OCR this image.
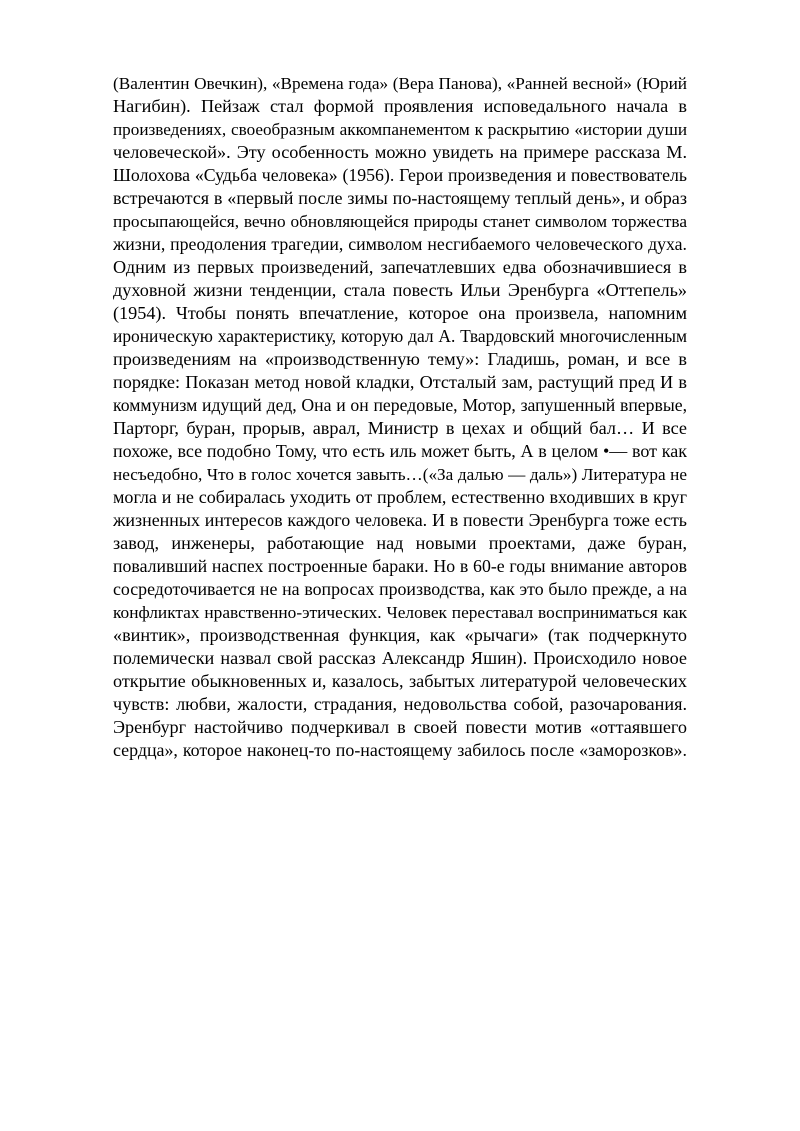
(Валентин Овечкин), «Времена года» (Вера Панова), «Ранней весной» (Юрий
Нагибин). Пейзаж стал формой проявления исповедального начала в
произведениях, своеобразным аккомпанементом к раскрытию «истории души
человеческой». Эту особенность можно увидеть на примере рассказа М.
Шолохова «Судьба человека» (1956). Герои произведения и повествователь
встречаются в «первый после зимы по-настоящему теплый день», и образ
просыпающейся, вечно обновляющейся природы станет символом торжества
жизни, преодоления трагедии, символом несгибаемого человеческого духа.
Одним из первых произведений, запечатлевших едва обозначившиеся в
духовной жизни тенденции, стала повесть Ильи Эренбурга «Оттепель»
(1954). Чтобы понять впечатление, которое она произвела, напомним
ироническую характеристику, которую дал А. Твардовский многочисленным
произведениям на «производственную тему»: Гладишь, роман, и все в
порядке: Показан метод новой кладки, Отсталый зам, растущий пред И в
коммунизм идущий дед, Она и он передовые, Мотор, запушенный впервые,
Парторг, буран, прорыв, аврал, Министр в цехах и общий бал… И все
похоже, все подобно Тому, что есть иль может быть, А в целом •— вот как
несъедобно, Что в голос хочется завыть…(«За далью — даль») Литература не
могла и не собиралась уходить от проблем, естественно входивших в круг
жизненных интересов каждого человека. И в повести Эренбурга тоже есть
завод, инженеры, работающие над новыми проектами, даже буран,
поваливший наспех построенные бараки. Но в 60-е годы внимание авторов
сосредоточивается не на вопросах производства, как это было прежде, а на
конфликтах нравственно-этических. Человек переставал восприниматься как
«винтик», производственная функция, как «рычаги» (так подчеркнуто
полемически назвал свой рассказ Александр Яшин). Происходило новое
открытие обыкновенных и, казалось, забытых литературой человеческих
чувств: любви, жалости, страдания, недовольства собой, разочарования.
Эренбург настойчиво подчеркивал в своей повести мотив «оттаявшего
сердца», которое наконец-то по-настоящему забилось после «заморозков».
